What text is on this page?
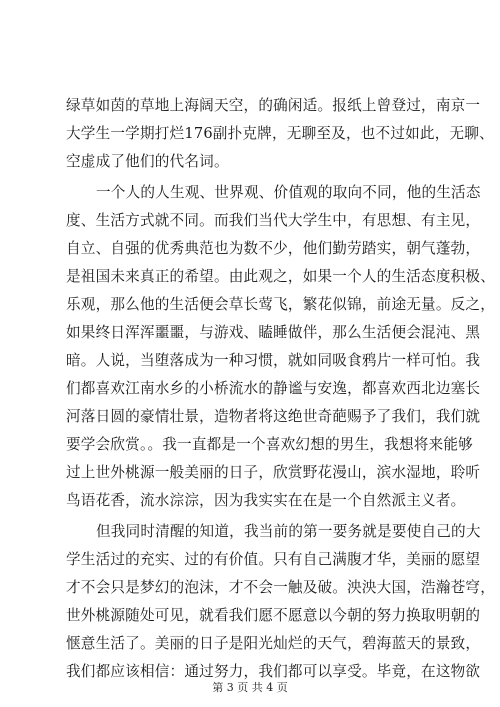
绿草如茵的草地上海阔天空，的确闲适。报纸上曾登过，南京一
大学生一学期打烂176副扑克牌，无聊至及，也不过如此，无聊、
空虚成了他们的代名词。
一个人的人生观、世界观、价值观的取向不同，他的生活态
度、生活方式就不同。而我们当代大学生中，有思想、有主见，
自立、自强的优秀典范也为数不少，他们勤劳踏实，朝气蓬勃，
是祖国未来真正的希望。由此观之，如果一个人的生活态度积极、
乐观，那么他的生活便会草长莺飞，繁花似锦，前途无量。反之，
如果终日浑浑噩噩，与游戏、瞌睡做伴，那么生活便会混沌、黑
暗。人说，当堕落成为一种习惯，就如同吸食鸦片一样可怕。我
们都喜欢江南水乡的小桥流水的静谧与安逸，都喜欢西北边塞长
河落日圆的豪情壮景，造物者将这绝世奇葩赐予了我们，我们就
要学会欣赏。。我一直都是一个喜欢幻想的男生，我想将来能够
过上世外桃源一般美丽的日子，欣赏野花漫山，滨水湿地，聆听
鸟语花香，流水淙淙，因为我实实在在是一个自然派主义者。
但我同时清醒的知道，我当前的第一要务就是要使自己的大
学生活过的充实、过的有价值。只有自己满腹才华，美丽的愿望
才不会只是梦幻的泡沫，才不会一触及破。泱泱大国，浩瀚苍穹，
世外桃源随处可见，就看我们愿不愿意以今朝的努力换取明朝的
惬意生活了。美丽的日子是阳光灿烂的天气，碧海蓝天的景致，
我们都应该相信：通过努力，我们都可以享受。毕竟，在这物欲
第 3 页 共 4 页
